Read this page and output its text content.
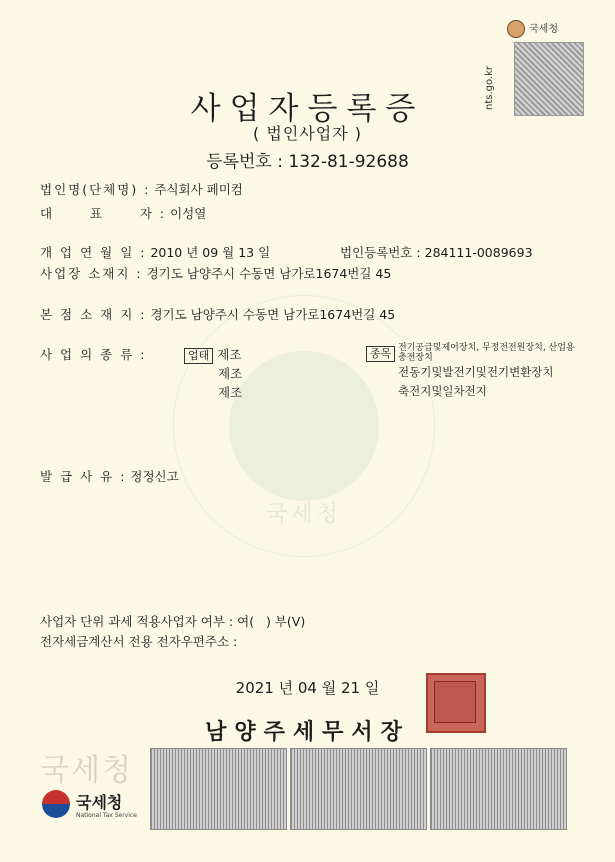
국세청
국세청
nts.go.kr
사업자등록증
( 법인사업자 )
등록번호 : 132-81-92688
법인명(단체명) : 주식회사 페미컴
대      표      자 : 이성열
개 업 연 월 일 : 2010 년 09 월 13 일	법인등록번호 : 284111-0089693
사업장 소재지 : 경기도 남양주시 수동면 남가로1674번길 45
본 점 소 재 지 : 경기도 남양주시 수동면 남가로1674번길 45
사 업 의 종 류 :	업태 제조
제조
제조
종목 전기공급및제어장치, 무정전전원장치, 산업용충전장치
전동기및발전기및전기변환장치
축전지및일차전지
발 급 사 유 : 정정신고
사업자 단위 과세 적용사업자 여부 : 여(   ) 부(V)
전자세금계산서 전용 전자우편주소 :
2021 년 04 월 21 일
남양주세무서장
국세청
국세청
National Tax Service
